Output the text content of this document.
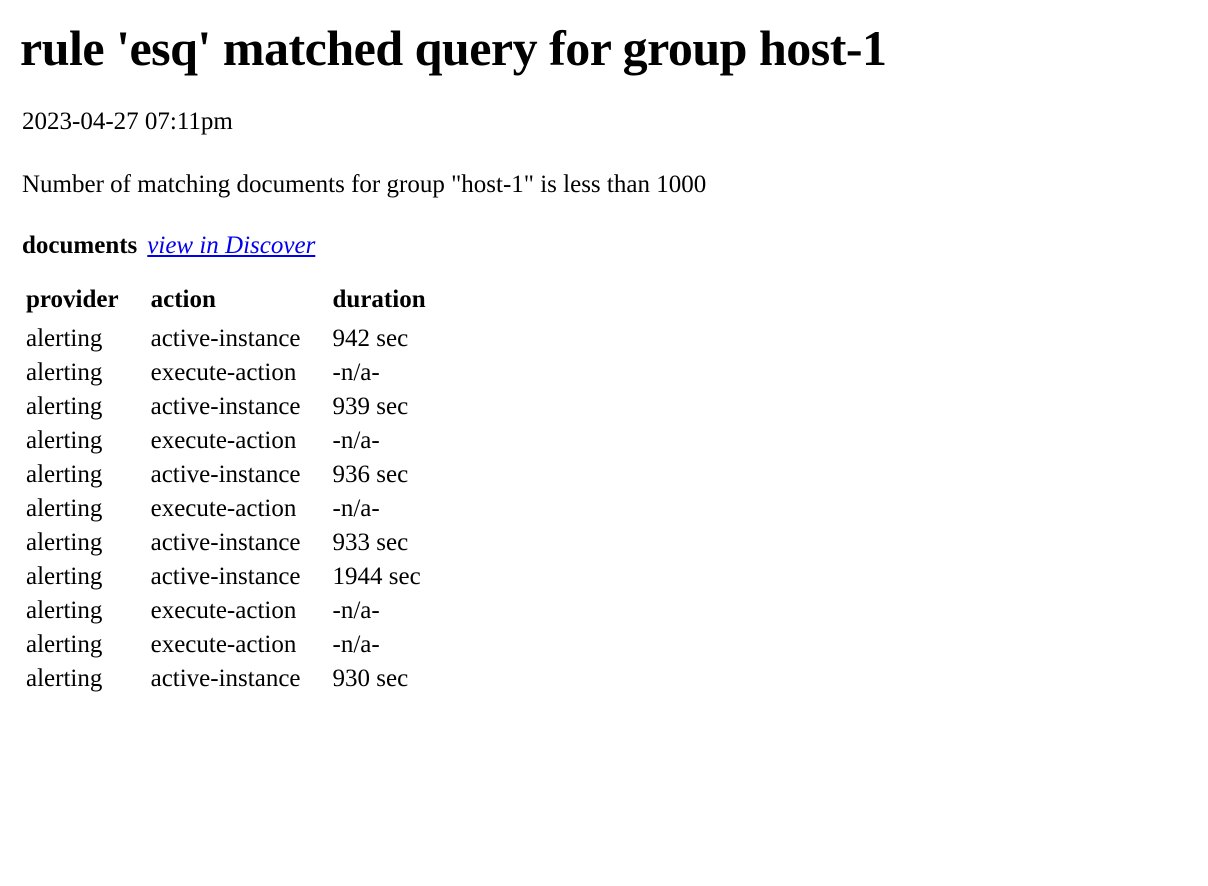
rule 'esq' matched query for group host-1
2023-04-27 07:11pm
Number of matching documents for group "host-1" is less than 1000
documents view in Discover
provider	action	duration
alerting	active-instance	942 sec
alerting	execute-action	-n/a-
alerting	active-instance	939 sec
alerting	execute-action	-n/a-
alerting	active-instance	936 sec
alerting	execute-action	-n/a-
alerting	active-instance	933 sec
alerting	active-instance	1944 sec
alerting	execute-action	-n/a-
alerting	execute-action	-n/a-
alerting	active-instance	930 sec
